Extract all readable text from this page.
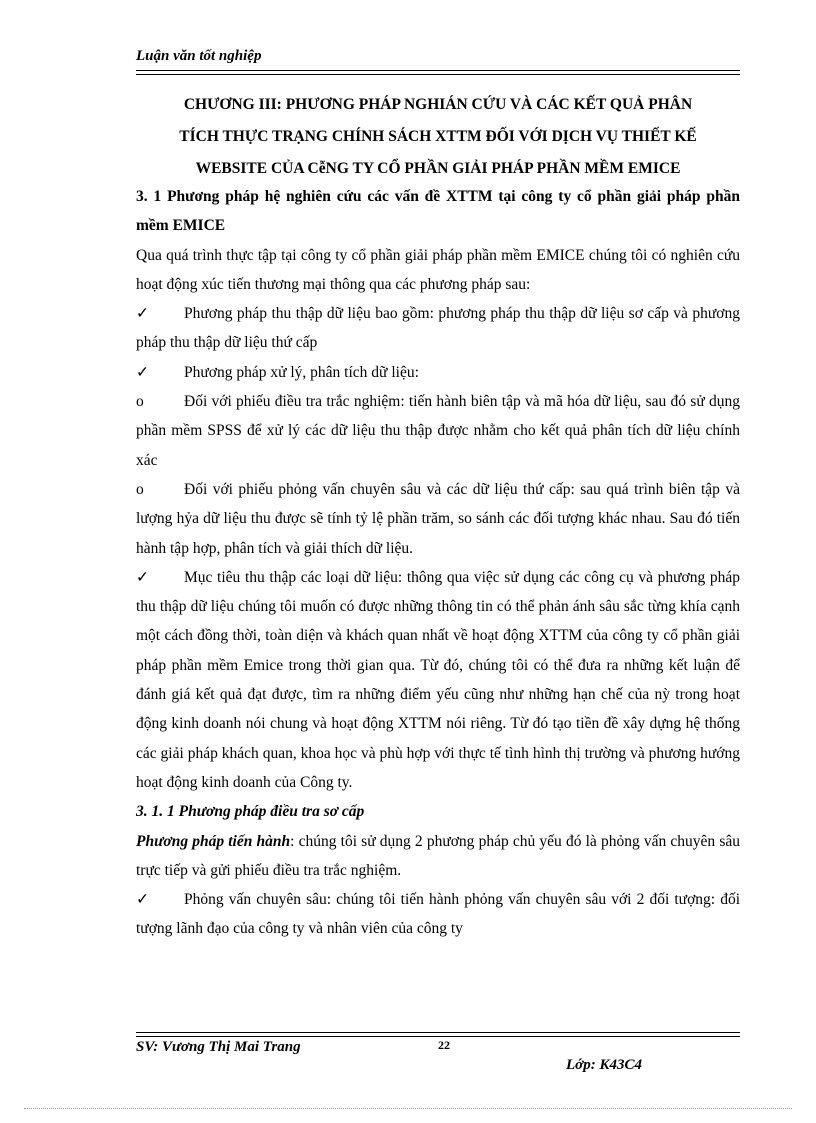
Luận văn tốt nghiệp
CHƯƠNG III: PHƯƠNG PHÁP NGHIÁN CỨU VÀ CÁC KẾT QUẢ PHÂN
TÍCH THỰC TRẠNG CHÍNH SÁCH XTTM ĐỐI VỚI DỊCH VỤ THIẾT KẾ
WEBSITE CỦA CễNG TY CỔ PHẦN GIẢI PHÁP PHẦN MỀM EMICE

3. 1 Phương pháp hệ nghiên cứu các vấn đề XTTM tại công ty cổ phần giải pháp phần mềm EMICE

Qua quá trình thực tập tại công ty cổ phần giải pháp phần mềm EMICE chúng tôi có nghiên cứu hoạt động xúc tiến thương mại thông qua các phương pháp sau:

✓ Phương pháp thu thập dữ liệu bao gồm: phương pháp thu thập dữ liệu sơ cấp và phương pháp thu thập dữ liệu thứ cấp

✓ Phương pháp xử lý, phân tích dữ liệu:

o	Đối với phiếu điều tra trắc nghiệm: tiến hành biên tập và mã hóa dữ liệu, sau đó sử dụng phần mềm SPSS để xử lý các dữ liệu thu thập được nhằm cho kết quả phân tích dữ liệu chính xác

o	Đối với phiếu phỏng vấn chuyên sâu và các dữ liệu thứ cấp: sau quá trình biên tập và lượng hỷa dữ liệu thu được sẽ tính tỷ lệ phần trăm, so sánh các đối tượng khác nhau. Sau đó tiến hành tập hợp, phân tích và giải thích dữ liệu.

✓ Mục tiêu thu thập các loại dữ liệu: thông qua việc sử dụng các công cụ và phương pháp thu thập dữ liệu chúng tôi muốn có được những thông tin có thể phản ánh sâu sắc từng khía cạnh một cách đồng thời, toàn diện và khách quan nhất về hoạt động XTTM của công ty cổ phần giải pháp phần mềm Emice trong thời gian qua. Từ đó, chúng tôi có thể đưa ra những kết luận để đánh giá kết quả đạt được, tìm ra những điểm yếu cũng như những hạn chế của nỳ trong hoạt động kinh doanh nói chung và hoạt động XTTM nói riêng. Từ đó tạo tiền đề xây dựng hệ thống các giải pháp khách quan, khoa học và phù hợp với thực tế tình hình thị trường và phương hướng hoạt động kinh doanh của Công ty.

3. 1. 1 Phương pháp điều tra sơ cấp

Phương pháp tiến hành: chúng tôi sử dụng 2 phương pháp chủ yếu đó là phỏng vấn chuyên sâu trực tiếp và gửi phiếu điều tra trắc nghiệm.

✓ Phỏng vấn chuyên sâu: chúng tôi tiến hành phỏng vấn chuyên sâu với 2 đối tượng: đối tượng lãnh đạo của công ty và nhân viên của công ty

SV: Vương Thị Mai Trang	22
Lớp: K43C4
